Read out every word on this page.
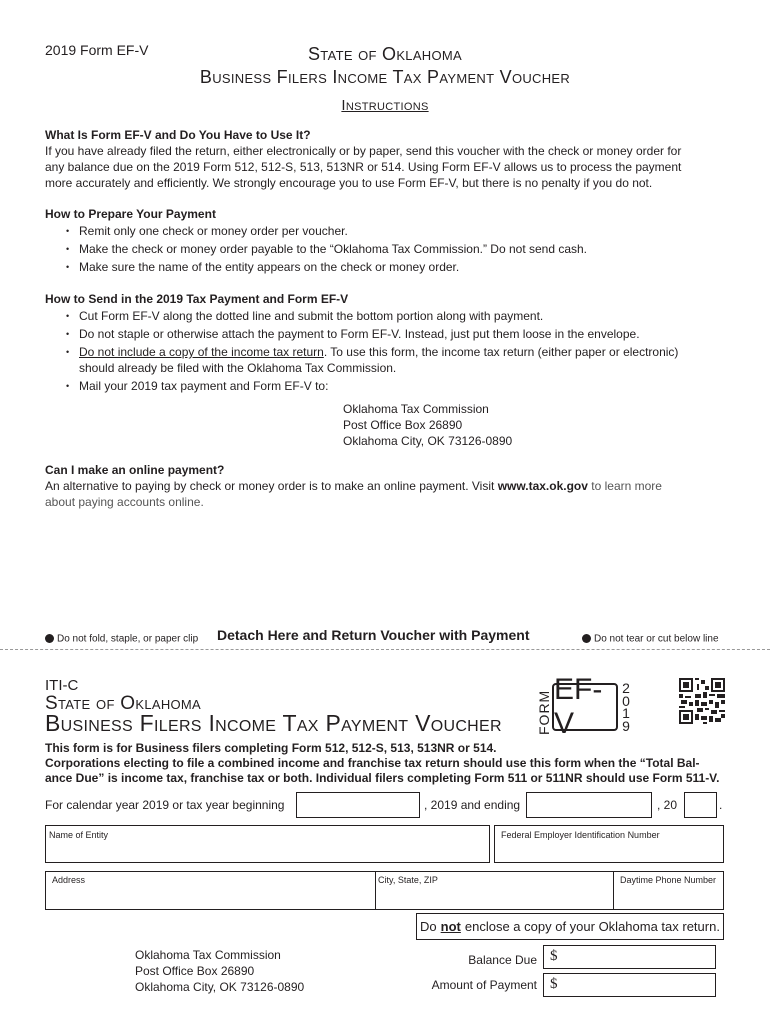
2019 Form EF-V	State of Oklahoma
Business Filers Income Tax Payment Voucher
Instructions
What Is Form EF-V and Do You Have to Use It?
If you have already filed the return, either electronically or by paper, send this voucher with the check or money order for
any balance due on the 2019 Form 512, 512-S, 513, 513NR or 514. Using Form EF-V allows us to process the payment
more accurately and efficiently. We strongly encourage you to use Form EF-V, but there is no penalty if you do not.
How to Prepare Your Payment
• Remit only one check or money order per voucher.
• Make the check or money order payable to the “Oklahoma Tax Commission.” Do not send cash.
• Make sure the name of the entity appears on the check or money order.
How to Send in the 2019 Tax Payment and Form EF-V
• Cut Form EF-V along the dotted line and submit the bottom portion along with payment.
• Do not staple or otherwise attach the payment to Form EF-V. Instead, just put them loose in the envelope.
• Do not include a copy of the income tax return. To use this form, the income tax return (either paper or electronic)
should already be filed with the Oklahoma Tax Commission.
• Mail your 2019 tax payment and Form EF-V to:
Oklahoma Tax Commission
Post Office Box 26890
Oklahoma City, OK 73126-0890
Can I make an online payment?
An alternative to paying by check or money order is to make an online payment. Visit www.tax.ok.gov to learn more
about paying accounts online.
Do not fold, staple, or paper clip Detach Here and Return Voucher with Payment	Do not tear or cut below line
ITI-C
State of Oklahoma
Business Filers Income Tax Payment Voucher FORM
EF-V
2
0
1
9
This form is for Business filers completing Form 512, 512-S, 513, 513NR or 514.
Corporations electing to file a combined income and franchise tax return should use this form when the “Total Bal-
ance Due” is income tax, franchise tax or both. Individual filers completing Form 511 or 511NR should use Form 511-V.
For calendar year 2019 or tax year beginning	, 2019 and ending	, 20	.
Name of Entity	Federal Employer Identification Number
Address	City, State, ZIP	Daytime Phone Number
Do not enclose a copy of your Oklahoma tax return.
Oklahoma Tax Commission
Post Office Box 26890
Oklahoma City, OK 73126-0890
Balance Due $
Amount of Payment $
